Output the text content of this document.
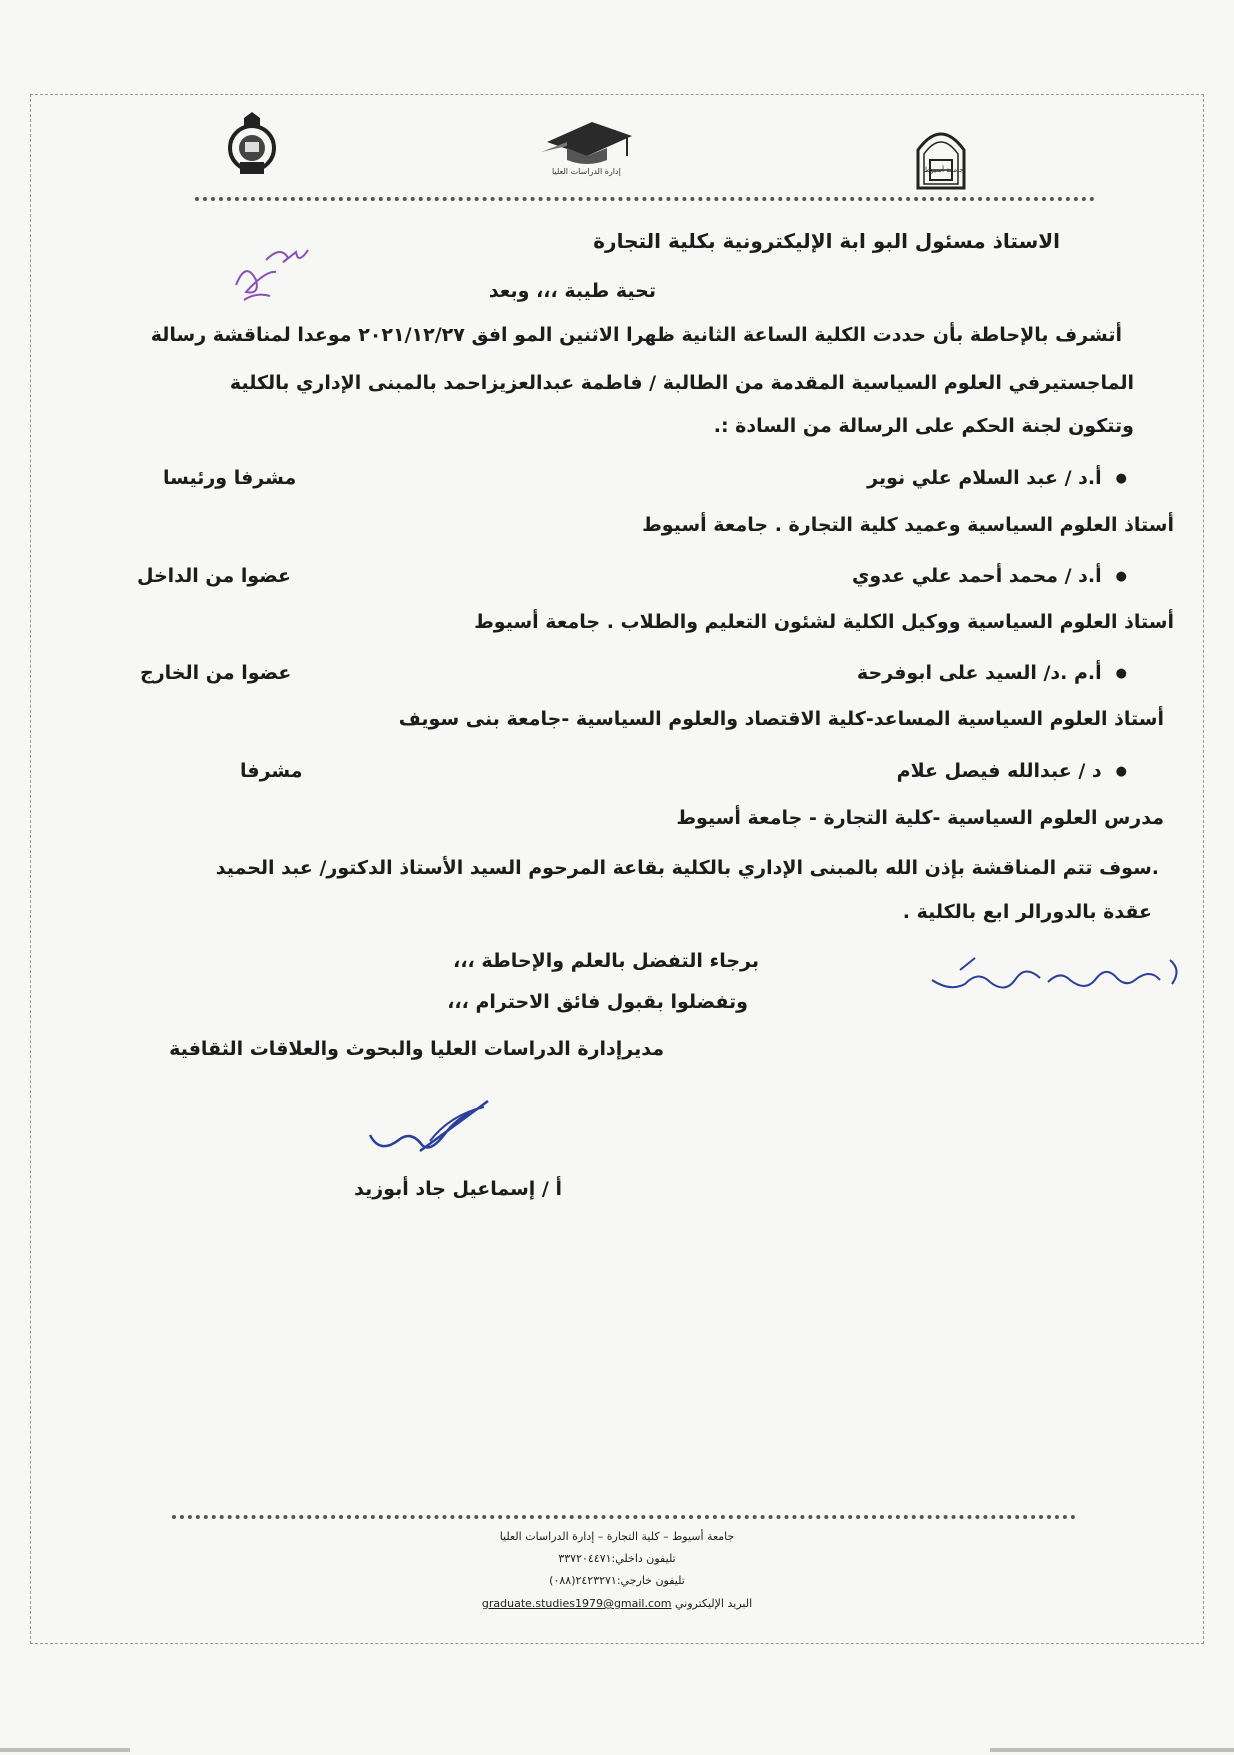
إدارة الدراسات العليا	جامعة أسيوط
الاستاذ مسئول البو ابة الإليكترونية بكلية التجارة
تحية طيبة ،،، وبعد
أتشرف بالإحاطة بأن حددت الكلية الساعة الثانية ظهرا الاثنين المو افق ٢٠٢١/١٢/٢٧ موعدا لمناقشة رسالة
الماجستيرفي العلوم السياسية المقدمة من الطالبة / فاطمة عبدالعزيزاحمد بالمبنى الإداري بالكلية
وتتكون لجنة الحكم على الرسالة من السادة :.
● أ.د / عبد السلام علي نوير
مشرفا ورئيسا
أستاذ العلوم السياسية وعميد كلية التجارة . جامعة أسيوط
● أ.د / محمد أحمد علي عدوي
عضوا من الداخل
أستاذ العلوم السياسية ووكيل الكلية لشئون التعليم والطلاب . جامعة أسيوط
● أ.م .د/ السيد على ابوفرحة
عضوا من الخارج
أستاذ العلوم السياسية المساعد-كلية الاقتصاد والعلوم السياسية -جامعة بنى سويف
● د / عبدالله فيصل علام
مشرفا
مدرس العلوم السياسية -كلية التجارة - جامعة أسيوط
.سوف تتم المناقشة بإذن الله بالمبنى الإداري بالكلية بقاعة المرحوم السيد الأستاذ الدكتور/ عبد الحميد
عقدة بالدورالر ابع بالكلية .
برجاء التفضل بالعلم والإحاطة ،،،
وتفضلوا بقبول فائق الاحترام ،،،
مديرإدارة الدراسات العليا والبحوث والعلاقات الثقافية
أ / إسماعيل جاد أبوزيد
جامعة أسيوط – كلية التجارة – إدارة الدراسات العليا
تليفون داخلي:٣٣٧٢٠٤٤٧١
تليفون خارجي:٢٤٢٣٢٧١(٠٨٨)
البريد الإليكتروني graduate.studies1979@gmail.com
